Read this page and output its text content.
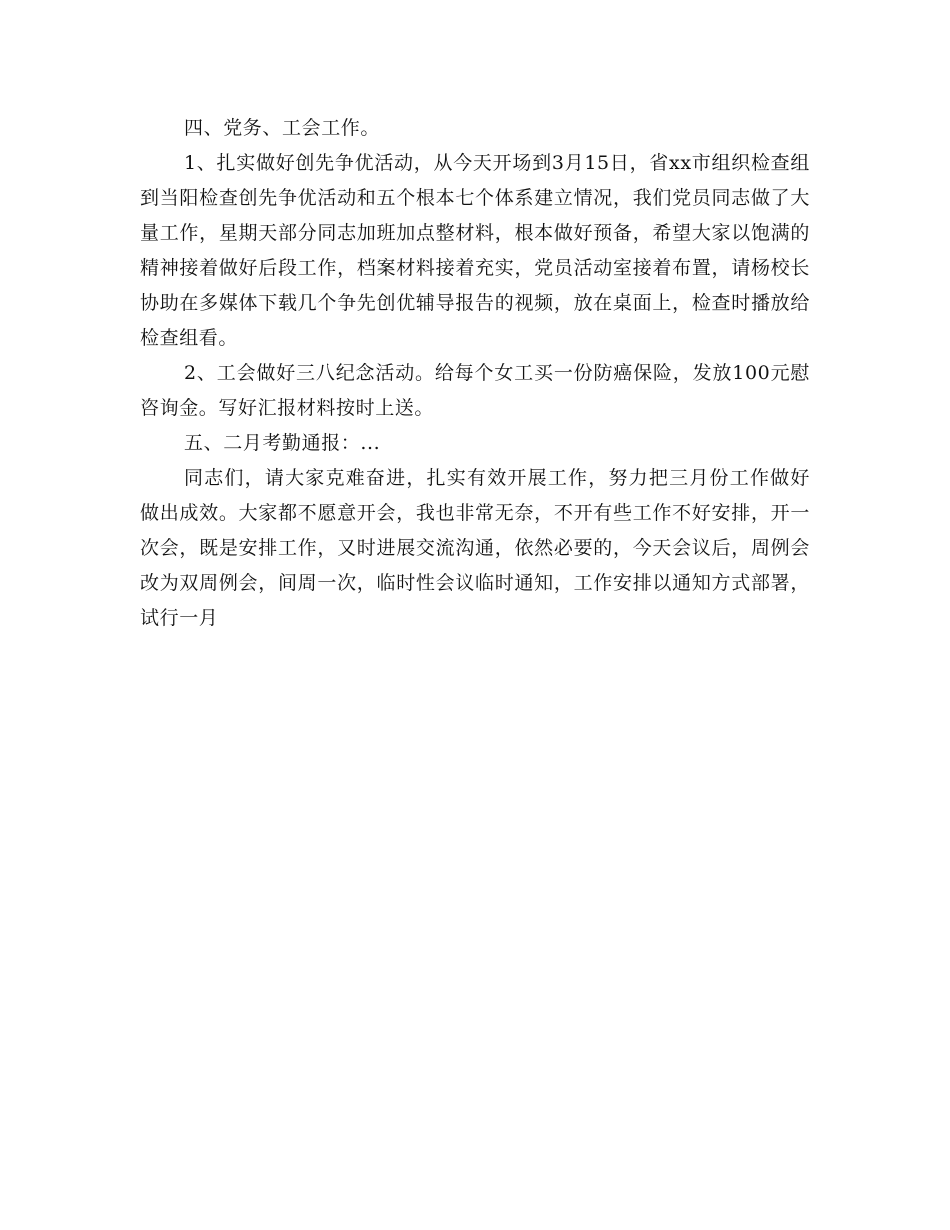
四、党务、工会工作。

1、扎实做好创先争优活动，从今天开场到3月15日，省xx市组织检查组到当阳检查创先争优活动和五个根本七个体系建立情况，我们党员同志做了大量工作，星期天部分同志加班加点整材料，根本做好预备，希望大家以饱满的精神接着做好后段工作，档案材料接着充实，党员活动室接着布置，请杨校长协助在多媒体下载几个争先创优辅导报告的视频，放在桌面上，检查时播放给检查组看。

2、工会做好三八纪念活动。给每个女工买一份防癌保险，发放100元慰咨询金。写好汇报材料按时上送。

五、二月考勤通报：...

同志们，请大家克难奋进，扎实有效开展工作，努力把三月份工作做好做出成效。大家都不愿意开会，我也非常无奈，不开有些工作不好安排，开一次会，既是安排工作，又时进展交流沟通，依然必要的，今天会议后，周例会改为双周例会，间周一次，临时性会议临时通知，工作安排以通知方式部署，试行一月
